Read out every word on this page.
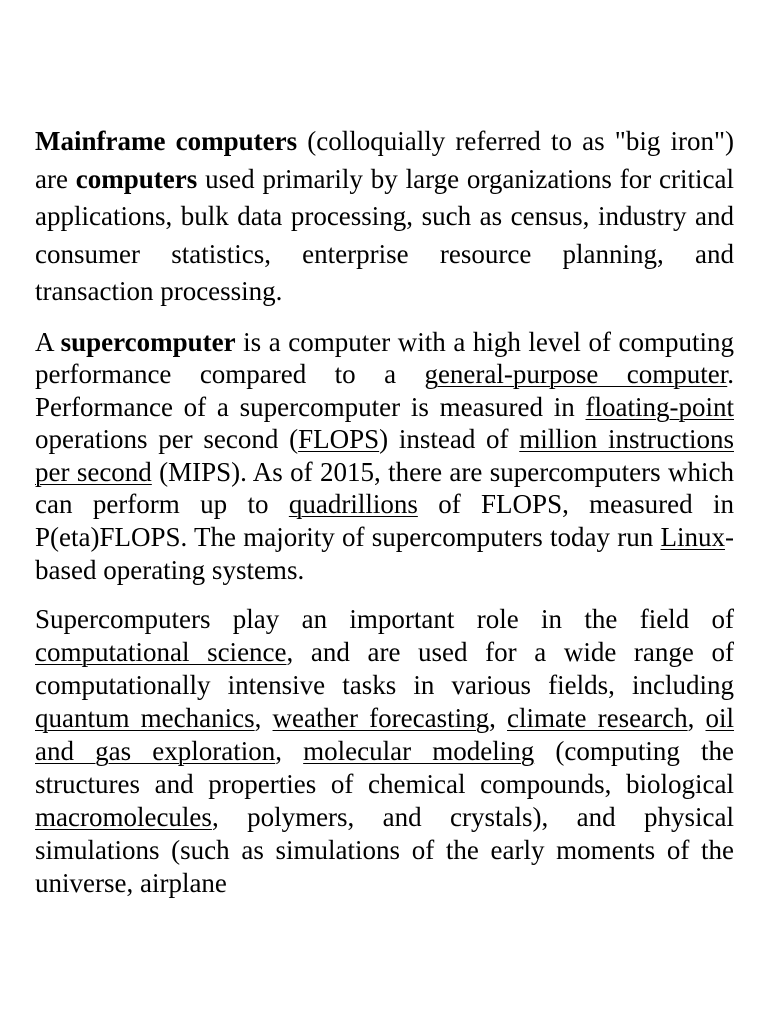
Mainframe computers (colloquially referred to as "big iron") are computers used primarily by large organizations for critical applications, bulk data processing, such as census, industry and consumer statistics, enterprise resource planning, and transaction processing.

A supercomputer is a computer with a high level of computing performance compared to a general-purpose computer. Performance of a supercomputer is measured in floating-point operations per second (FLOPS) instead of million instructions per second (MIPS). As of 2015, there are supercomputers which can perform up to quadrillions of FLOPS, measured in P(eta)FLOPS. The majority of supercomputers today run Linux-based operating systems.

Supercomputers play an important role in the field of computational science, and are used for a wide range of computationally intensive tasks in various fields, including quantum mechanics, weather forecasting, climate research, oil and gas exploration, molecular modeling (computing the structures and properties of chemical compounds, biological macromolecules, polymers, and crystals), and physical simulations (such as simulations of the early moments of the universe, airplane
